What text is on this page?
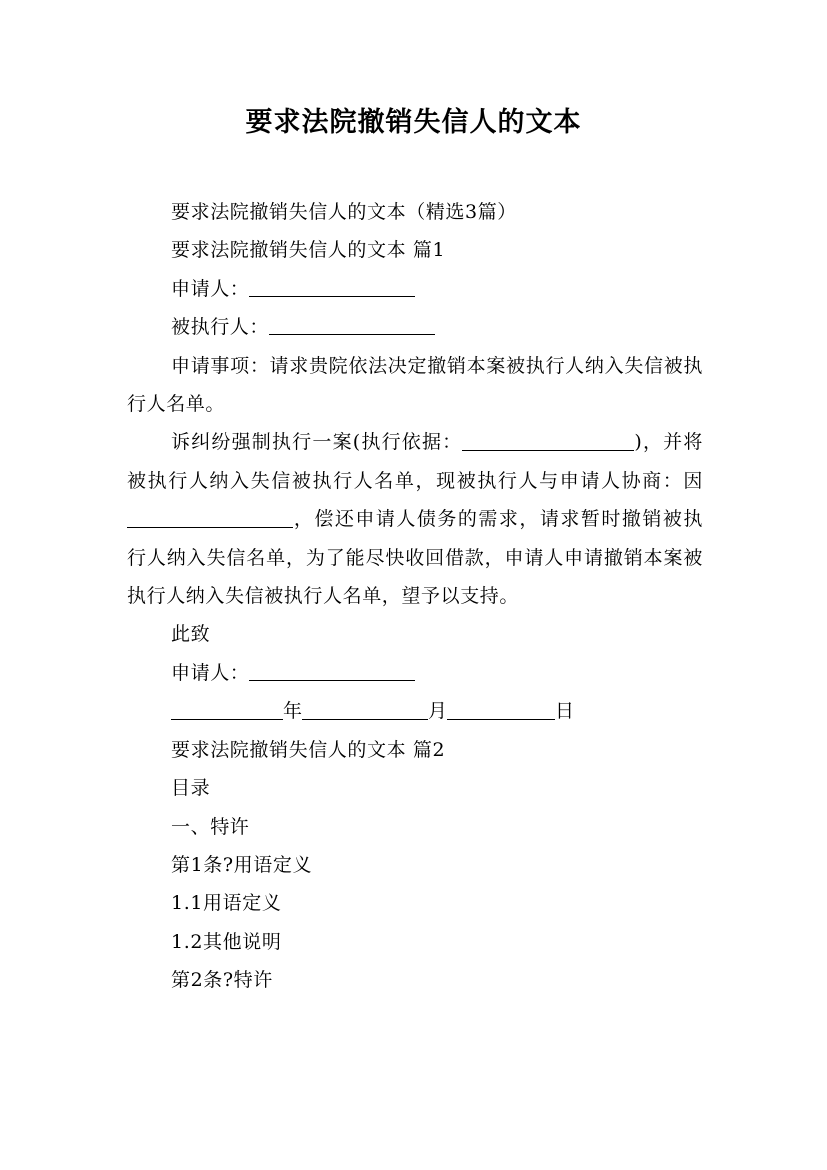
要求法院撤销失信人的文本

要求法院撤销失信人的文本（精选3篇）

要求法院撤销失信人的文本 篇1

申请人：

被执行人：

申请事项：请求贵院依法决定撤销本案被执行人纳入失信被执行人名单。

诉纠纷强制执行一案(执行依据：	)，并将被执行人纳入失信被执行人名单，现被执行人与申请人协商：因，偿还申请人债务的需求，请求暂时撤销被执行人纳入失信名单，为了能尽快收回借款，申请人申请撤销本案被执行人纳入失信被执行人名单，望予以支持。

此致

申请人：

年	月	日

要求法院撤销失信人的文本 篇2

目录

一、特许

第1条?用语定义

1.1用语定义

1.2其他说明

第2条?特许
